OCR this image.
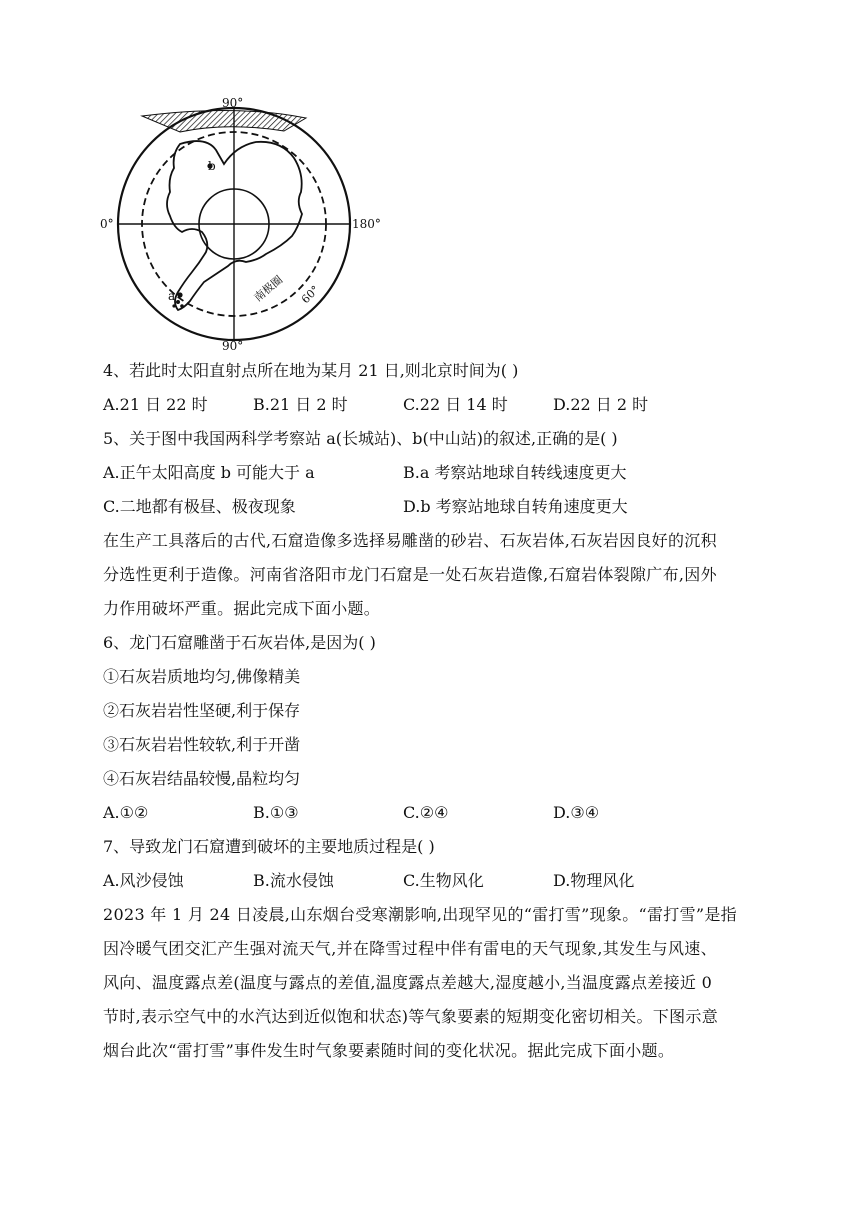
90°
90°
0°	180°
60°
南极圈
a
b
4、若此时太阳直射点所在地为某月 21 日,则北京时间为( )
A.21 日 22 时	B.21 日 2 时	C.22 日 14 时	D.22 日 2 时
5、关于图中我国两科学考察站 a(长城站)、b(中山站)的叙述,正确的是( )
A.正午太阳高度 b 可能大于 a	B.a 考察站地球自转线速度更大
C.二地都有极昼、极夜现象	D.b 考察站地球自转角速度更大
在生产工具落后的古代,石窟造像多选择易雕凿的砂岩、石灰岩体,石灰岩因良好的沉积
分选性更利于造像。河南省洛阳市龙门石窟是一处石灰岩造像,石窟岩体裂隙广布,因外
力作用破坏严重。据此完成下面小题。
6、龙门石窟雕凿于石灰岩体,是因为( )
①石灰岩质地均匀,佛像精美
②石灰岩岩性坚硬,利于保存
③石灰岩岩性较软,利于开凿
④石灰岩结晶较慢,晶粒均匀
A.①②	B.①③	C.②④	D.③④
7、导致龙门石窟遭到破坏的主要地质过程是( )
A.风沙侵蚀	B.流水侵蚀	C.生物风化	D.物理风化
2023 年 1 月 24 日凌晨,山东烟台受寒潮影响,出现罕见的“雷打雪”现象。“雷打雪”是指
因冷暖气团交汇产生强对流天气,并在降雪过程中伴有雷电的天气现象,其发生与风速、
风向、温度露点差(温度与露点的差值,温度露点差越大,湿度越小,当温度露点差接近 0
节时,表示空气中的水汽达到近似饱和状态)等气象要素的短期变化密切相关。下图示意
烟台此次“雷打雪”事件发生时气象要素随时间的变化状况。据此完成下面小题。
